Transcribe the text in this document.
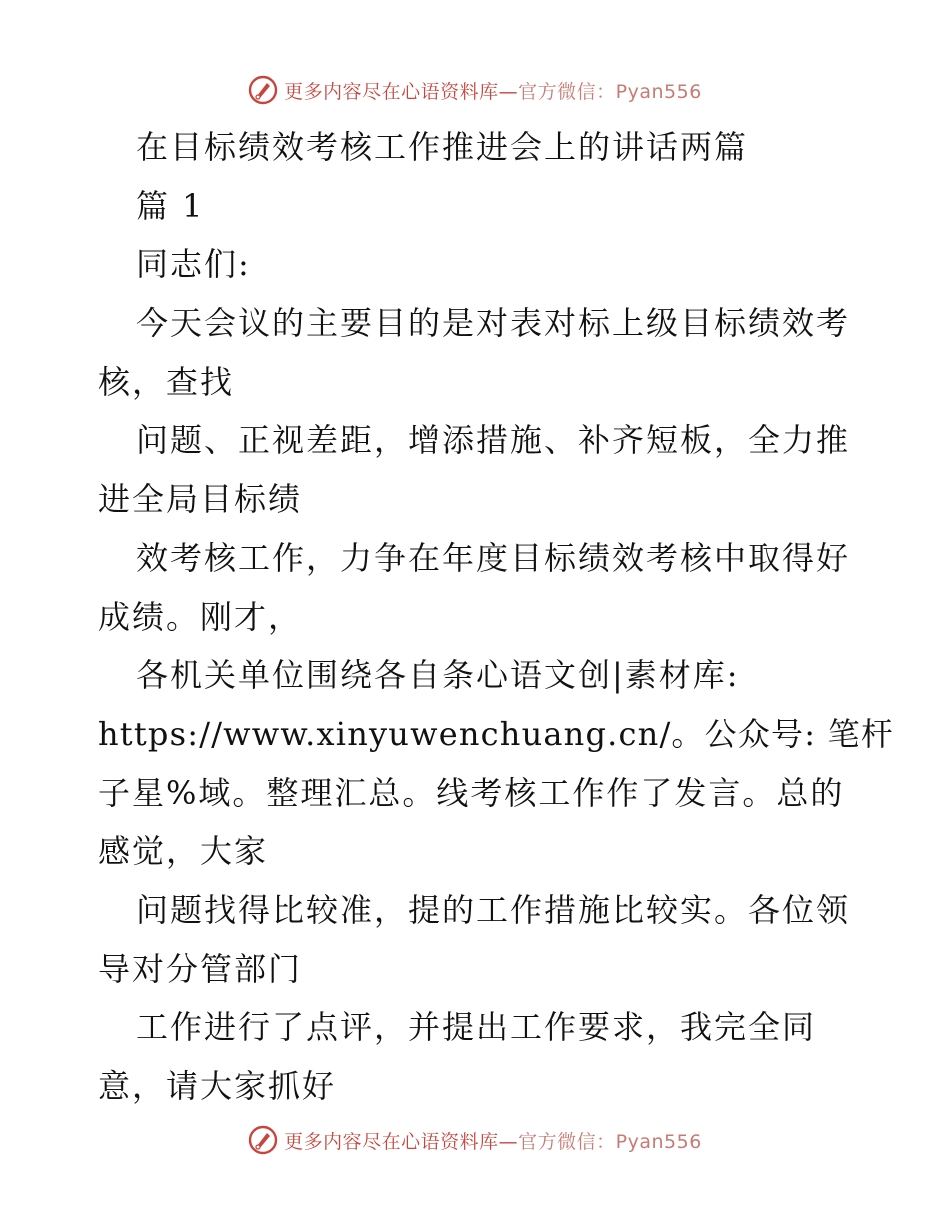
更多内容尽在心语资料库—官方微信：Pyan556
在目标绩效考核工作推进会上的讲话两篇
篇 1
同志们:
今天会议的主要目的是对表对标上级目标绩效考
核，查找
问题、正视差距，增添措施、补齐短板，全力推
进全局目标绩
效考核工作，力争在年度目标绩效考核中取得好
成绩。刚才，
各机关单位围绕各自条心语文创|素材库:
https://www.xinyuwenchuang.cn/。公众号: 笔杆
子星%域。整理汇总。线考核工作作了发言。总的
感觉，大家
问题找得比较准，提的工作措施比较实。各位领
导对分管部门
工作进行了点评，并提出工作要求，我完全同
意，请大家抓好
更多内容尽在心语资料库—官方微信：Pyan556
